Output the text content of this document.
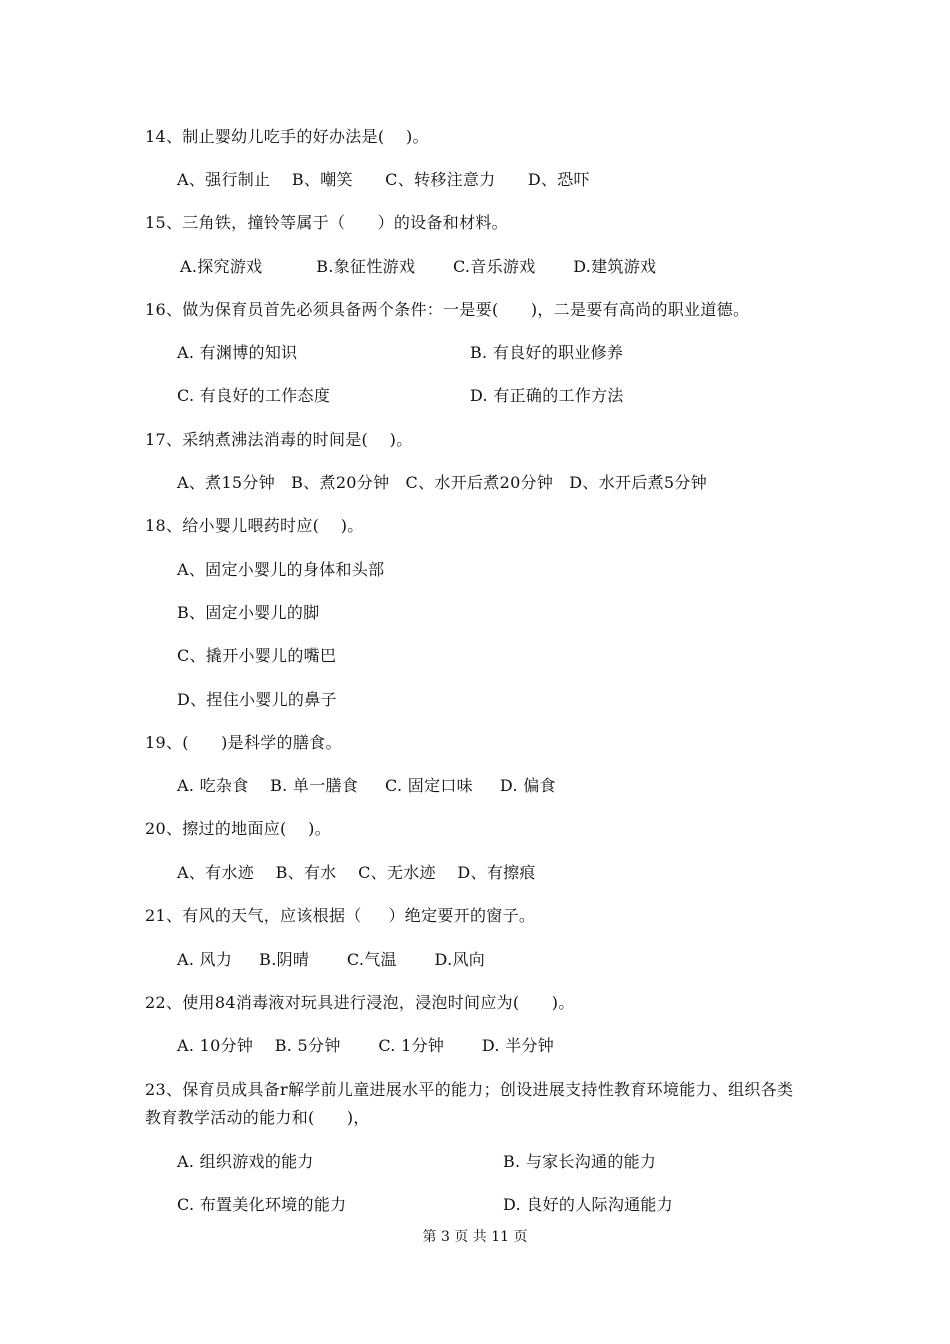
14、制止婴幼儿吃手的好办法是(    )。
A、强行制止    B、嘲笑      C、转移注意力      D、恐吓
15、三角铁，撞铃等属于（      ）的设备和材料。
A.探究游戏          B.象征性游戏       C.音乐游戏       D.建筑游戏
16、做为保育员首先必须具备两个条件：一是要(      )，二是要有高尚的职业道德。
A. 有渊博的知识	B. 有良好的职业修养
C. 有良好的工作态度	D. 有正确的工作方法
17、采纳煮沸法消毒的时间是(    )。
A、煮15分钟   B、煮20分钟   C、水开后煮20分钟   D、水开后煮5分钟
18、给小婴儿喂药时应(    )。
A、固定小婴儿的身体和头部
B、固定小婴儿的脚
C、撬开小婴儿的嘴巴
D、捏住小婴儿的鼻子
19、(      )是科学的膳食。
A. 吃杂食    B. 单一膳食     C. 固定口味     D. 偏食
20、擦过的地面应(    )。
A、有水迹    B、有水    C、无水迹    D、有擦痕
21、有风的天气，应该根据（     ）绝定要开的窗子。
A. 风力     B.阴晴       C.气温       D.风向
22、使用84消毒液对玩具进行浸泡，浸泡时间应为(      )。
A. 10分钟    B. 5分钟       C. 1分钟       D. 半分钟
23、保育员成具备r解学前儿童进展水平的能力；创设进展支持性教育环境能力、组织各类
教育教学活动的能力和(      )，
A. 组织游戏的能力	B. 与家长沟通的能力
C. 布置美化环境的能力	D. 良好的人际沟通能力
第 3 页 共 11 页
